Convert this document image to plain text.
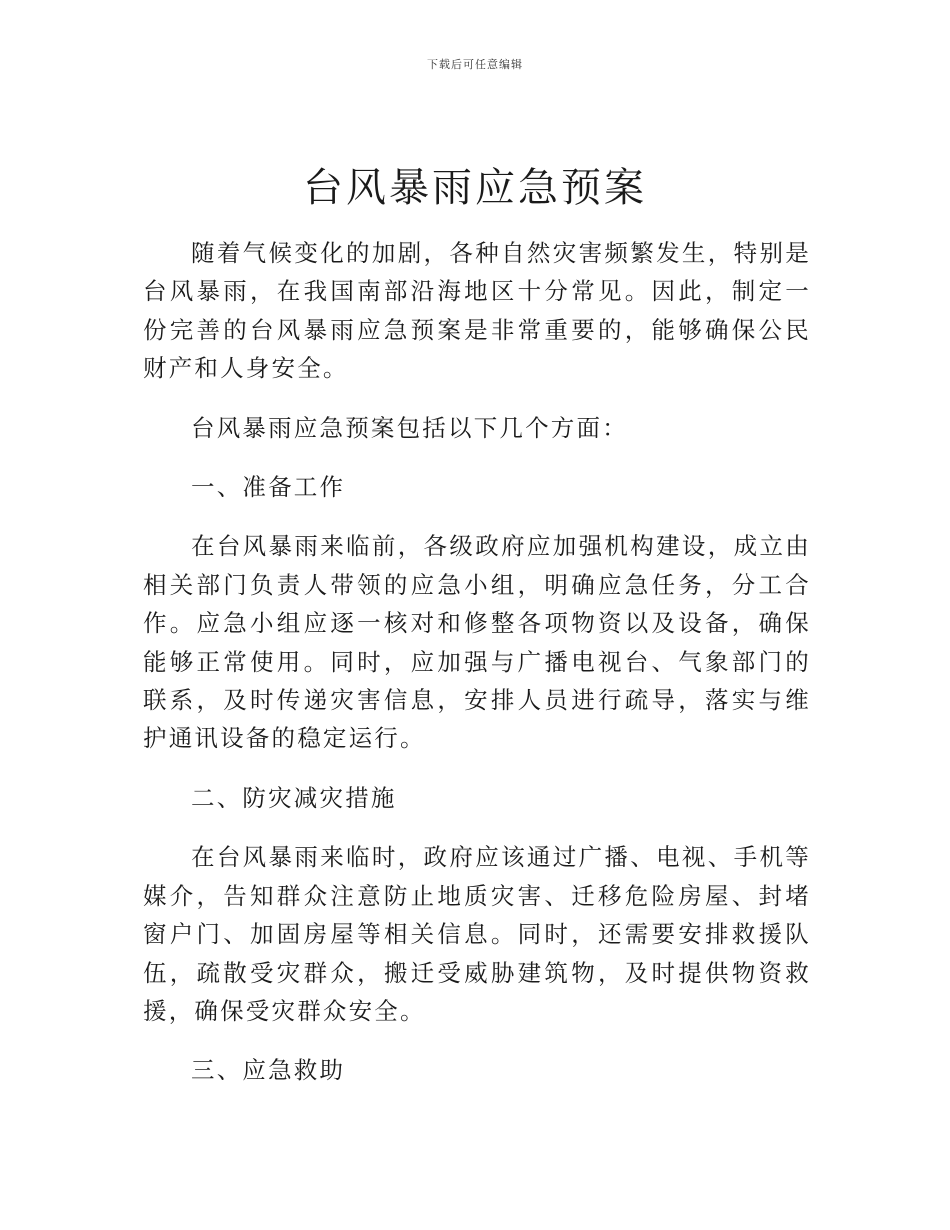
下载后可任意编辑
台风暴雨应急预案

随着气候变化的加剧，各种自然灾害频繁发生，特别是台风暴雨，在我国南部沿海地区十分常见。因此，制定一份完善的台风暴雨应急预案是非常重要的，能够确保公民财产和人身安全。

台风暴雨应急预案包括以下几个方面：

一、准备工作

在台风暴雨来临前，各级政府应加强机构建设，成立由相关部门负责人带领的应急小组，明确应急任务，分工合作。应急小组应逐一核对和修整各项物资以及设备，确保能够正常使用。同时，应加强与广播电视台、气象部门的联系，及时传递灾害信息，安排人员进行疏导，落实与维护通讯设备的稳定运行。

二、防灾减灾措施

在台风暴雨来临时，政府应该通过广播、电视、手机等媒介，告知群众注意防止地质灾害、迁移危险房屋、封堵窗户门、加固房屋等相关信息。同时，还需要安排救援队伍，疏散受灾群众，搬迁受威胁建筑物，及时提供物资救援，确保受灾群众安全。

三、应急救助
